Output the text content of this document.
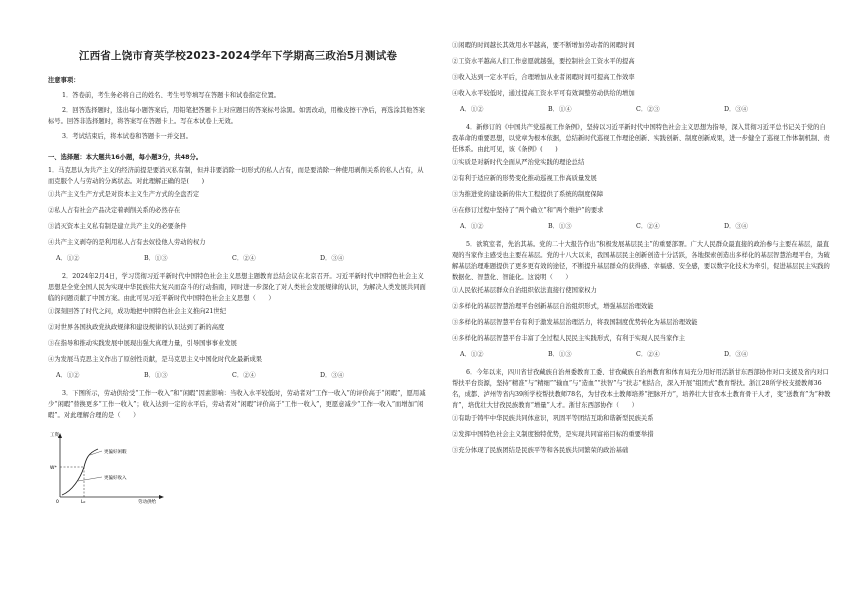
江西省上饶市育英学校2023-2024学年下学期高三政治5月测试卷
注意事项：

1．答卷前，考生务必将自己的姓名、考生号等填写在答题卡和试卷指定位置。

2．回答选择题时，选出每小题答案后，用铅笔把答题卡上对应题目的答案标号涂黑。如需改动，用橡皮擦干净后，再选涂其他答案标号。回答非选择题时，将答案写在答题卡上。写在本试卷上无效。

3．考试结束后，将本试卷和答题卡一并交回。

一、选择题：本大题共16小题，每小题3分，共48分。

1．马克思认为共产主义的经济前提是要消灭私有制，但并非要消除一切形式的私人占有，而是要消除一种使用剥削关系的私人占有，从而克服个人与劳动的分离状态。对此理解正确的是(　　)

①共产主义生产方式是对资本主义生产方式的全盘否定

②私人占有社会产品决定着剥削关系的必然存在

③消灭资本主义私有制是建立共产主义的必要条件

④共产主义剥夺的是利用私人占有去奴役他人劳动的权力

A．①②	B．①③	C．②④	D．③④

2．2024年2月4日，学习贯彻习近平新时代中国特色社会主义思想主题教育总结会议在北京召开。习近平新时代中国特色社会主义思想是全党全国人民为实现中华民族伟大复兴而奋斗的行动指南，同时进一步深化了对人类社会发展规律的认识，为解决人类发展共同面临的问题贡献了中国方案。由此可见习近平新时代中国特色社会主义思想（　　）

①深刻回答了时代之问，成功地把中国特色社会主义推向21世纪

②对世界各国执政党执政规律和建设规律的认识达到了新的高度

③在指导和推动实践发展中展现出强大真理力量，引导国事事业发展

④为发展马克思主义作出了原创性贡献，是马克思主义中国化时代化最新成果

A．①②	B．①③	C．②④	D．③④

3．下图所示，劳动供给受“工作一收入”和“闲暇”因素影响：当收入水平较低时，劳动者对“工作一收入”的评价高于“闲暇”，愿用减少“闲暇”替换更多“工作一收入”；收入达到一定的水平后，劳动者对“闲暇”评价高于“工作一收入”，更愿意减少“工作一收入”而增加“闲暇”。对此理解合理的是（　　）

工资
W*
0	L₀	劳动供给
更偏好闲暇
更偏好收入

①闲暇的时间越长其效用水平越高，要不断增加劳动者的闲暇时间

②工资水平越高人们工作意愿就越强，要控制社会工资水平的提高

③收入达到一定水平后，合理增加从业者闲暇时间可提高工作效率

④收入水平较低时，通过提高工资水平可有效调整劳动供给的增加

A．①②	B．①④	C．②③	D．③④

4．新修订的《中国共产党巡视工作条例》，坚持以习近平新时代中国特色社会主义思想为指导，深入贯彻习近平总书记关于党的自我革命的重要思想，以党章为根本依据，总结新时代巡视工作理论创新、实践创新、制度创新成果，进一步健全了巡视工作体制机制、责任体系。由此可见，该《条例》(　　)

①实质是对新时代全面从严治党实践的理论总结

②有利于适应新的形势变化推动巡视工作高质量发展

③为推进党的建设新的伟大工程提供了系统的制度保障

④在修订过程中坚持了“两个确立”和“两个维护”的要求

A．①②	B．①③	C．②④	D．③④

5．欲筑室者，先治其基。党的二十大报告作出“积极发展基层民主”的重要部署。广大人民群众最直接的政治参与主要在基层，最直观的当家作主感受也主要在基层。党的十八大以来，我国基层民主创新创造十分活跃，各地探索创造出多样化的基层智慧治理平台，为破解基层治理难题提供了更多更有效的途径，不断提升基层群众的获得感、幸福感、安全感，要以数字化技术为牵引，促进基层民主实践的数据化、智慧化、智能化。这说明（　　）

①人民依托基层群众自治组织依法直接行使国家权力

②多样化的基层智慧治理平台创新基层自治组织形式，增强基层治理效能

③多样化的基层智慧平台有利于激发基层治理活力，将我国制度优势转化为基层治理效能

④多样化的基层智慧平台丰富了全过程人民民主实践形式，有利于实现人民当家作主

A．①②	B．①③	C．②④	D．③④

6．今年以来，四川省甘孜藏族自治州委教育工委、甘孜藏族自治州教育和体育局充分用好用活浙甘东西部协作对口支援及省内对口帮扶平台资源，坚持“精准”与“精细”“输血”与“造血”“扶智”与“扶志”相结合，深入开展“组团式”教育帮扶。浙江28所学校支援教师36名，成都、泸州等省内39所学校帮扶教师78名，为甘孜本土教师培养“把脉开方”，培养壮大甘孜本土教育骨干人才，变“送教育”为“种教育”，培优壮大甘孜民族教育“增量”人才。浙甘东西部协作（　　）

①有助于铸牢中华民族共同体意识，巩固平等团结互助和谐新型民族关系

②发挥中国特色社会主义制度独特优势，是实现共同富裕目标的重要举措

③充分体现了民族团结是民族平等和各民族共同繁荣的政治基础
